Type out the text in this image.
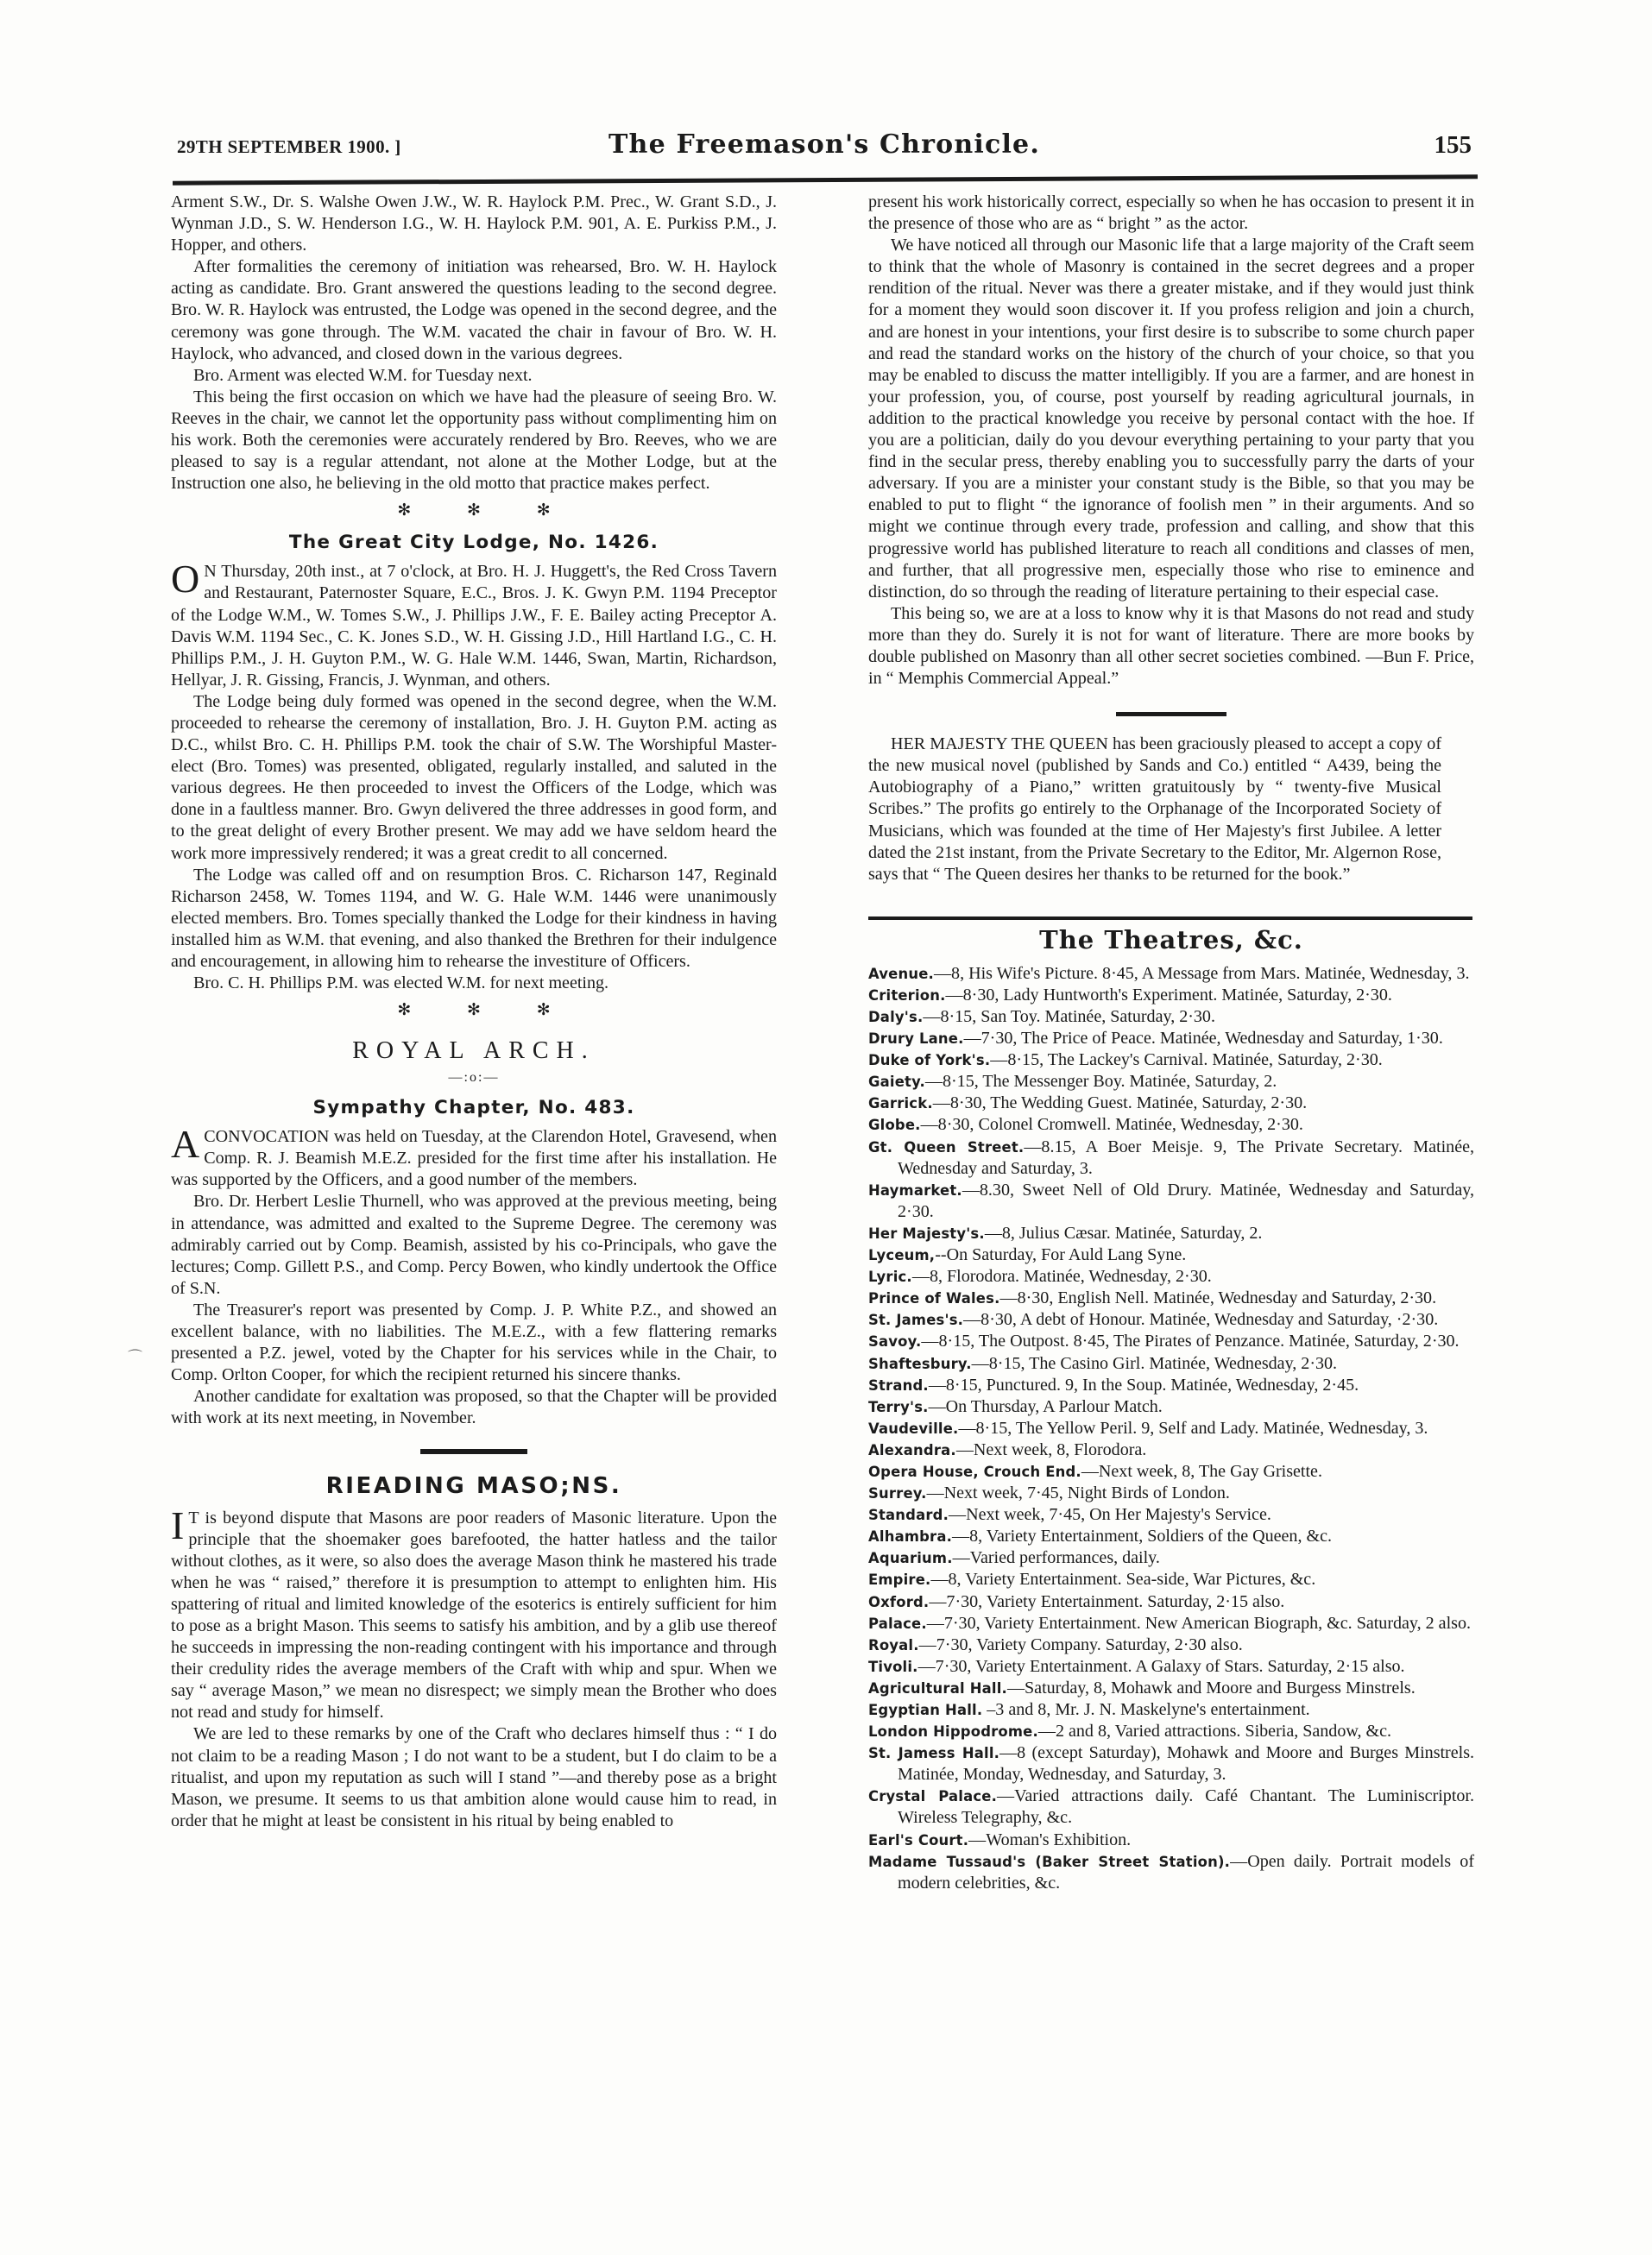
29TH SEPTEMBER 1900. ]	The Freemason's Chronicle.	155

Arment S.W., Dr. S. Walshe Owen J.W., W. R. Haylock P.M. Prec., W. Grant S.D., J. Wynman J.D., S. W. Henderson I.G., W. H. Haylock P.M. 901, A. E. Purkiss P.M., J. Hopper, and others.

After formalities the ceremony of initiation was rehearsed, Bro. W. H. Haylock acting as candidate. Bro. Grant answered the questions leading to the second degree. Bro. W. R. Haylock was entrusted, the Lodge was opened in the second degree, and the ceremony was gone through. The W.M. vacated the chair in favour of Bro. W. H. Haylock, who advanced, and closed down in the various degrees.

Bro. Arment was elected W.M. for Tuesday next.

This being the first occasion on which we have had the pleasure of seeing Bro. W. Reeves in the chair, we cannot let the opportunity pass without complimenting him on his work. Both the ceremonies were accurately rendered by Bro. Reeves, who we are pleased to say is a regular attendant, not alone at the Mother Lodge, but at the Instruction one also, he believing in the old motto that practice makes perfect.

✻ ✻ ✻
The Great City Lodge, No. 1426.
O N Thursday, 20th inst., at 7 o'clock, at Bro. H. J. Huggett's, the Red Cross Tavern and Restaurant, Paternoster Square, E.C., Bros. J. K. Gwyn P.M. 1194 Preceptor of the Lodge W.M., W. Tomes S.W., J. Phillips J.W., F. E. Bailey acting Preceptor A. Davis W.M. 1194 Sec., C. K. Jones S.D., W. H. Gissing J.D., Hill Hartland I.G., C. H. Phillips P.M., J. H. Guyton P.M., W. G. Hale W.M. 1446, Swan, Martin, Richardson, Hellyar, J. R. Gissing, Francis, J. Wynman, and others.

The Lodge being duly formed was opened in the second degree, when the W.M. proceeded to rehearse the ceremony of installation, Bro. J. H. Guyton P.M. acting as D.C., whilst Bro. C. H. Phillips P.M. took the chair of S.W. The Worshipful Master-elect (Bro. Tomes) was presented, obligated, regularly installed, and saluted in the various degrees. He then proceeded to invest the Officers of the Lodge, which was done in a faultless manner. Bro. Gwyn delivered the three addresses in good form, and to the great delight of every Brother present. We may add we have seldom heard the work more impressively rendered; it was a great credit to all concerned.

The Lodge was called off and on resumption Bros. C. Richarson 147, Reginald Richarson 2458, W. Tomes 1194, and W. G. Hale W.M. 1446 were unanimously elected members. Bro. Tomes specially thanked the Lodge for their kindness in having installed him as W.M. that evening, and also thanked the Brethren for their indulgence and encouragement, in allowing him to rehearse the investiture of Officers.

Bro. C. H. Phillips P.M. was elected W.M. for next meeting.

✻ ✻ ✻
ROYAL ARCH.
—:o:—
Sympathy Chapter, No. 483.
ACONVOCATION was held on Tuesday, at the Clarendon Hotel, Gravesend, when Comp. R. J. Beamish M.E.Z. presided for the first time after his installation. He was supported by the Officers, and a good number of the members.

Bro. Dr. Herbert Leslie Thurnell, who was approved at the previous meeting, being in attendance, was admitted and exalted to the Supreme Degree. The ceremony was admirably carried out by Comp. Beamish, assisted by his co-Principals, who gave the lectures; Comp. Gillett P.S., and Comp. Percy Bowen, who kindly undertook the Office of S.N.

The Treasurer's report was presented by Comp. J. P. White P.Z., and showed an excellent balance, with no liabilities. The M.E.Z., with a few flattering remarks presented a P.Z. jewel, voted by the Chapter for his services while in the Chair, to Comp. Orlton Cooper, for which the recipient returned his sincere thanks.

Another candidate for exaltation was proposed, so that the Chapter will be provided with work at its next meeting, in November.

RIEADING MASO;NS.
I T is beyond dispute that Masons are poor readers of Masonic literature. Upon the principle that the shoemaker goes barefooted, the hatter hatless and the tailor without clothes, as it were, so also does the average Mason think he mastered his trade when he was “ raised,” therefore it is presumption to attempt to enlighten him. His spattering of ritual and limited knowledge of the esoterics is entirely sufficient for him to pose as a bright Mason. This seems to satisfy his ambition, and by a glib use thereof he succeeds in impressing the non-reading contingent with his importance and through their credulity rides the average members of the Craft with whip and spur. When we say “ average Mason,” we mean no disrespect; we simply mean the Brother who does not read and study for himself.

We are led to these remarks by one of the Craft who declares himself thus : “ I do not claim to be a reading Mason ; I do not want to be a student, but I do claim to be a ritualist, and upon my reputation as such will I stand ”—and thereby pose as a bright Mason, we presume. It seems to us that ambition alone would cause him to read, in order that he might at least be consistent in his ritual by being enabled to

⌒

present his work historically correct, especially so when he has occasion to present it in the presence of those who are as “ bright ” as the actor.

We have noticed all through our Masonic life that a large majority of the Craft seem to think that the whole of Masonry is contained in the secret degrees and a proper rendition of the ritual. Never was there a greater mistake, and if they would just think for a moment they would soon discover it. If you profess religion and join a church, and are honest in your intentions, your first desire is to subscribe to some church paper and read the standard works on the history of the church of your choice, so that you may be enabled to discuss the matter intelligibly. If you are a farmer, and are honest in your profession, you, of course, post yourself by reading agricultural journals, in addition to the practical knowledge you receive by personal contact with the hoe. If you are a politician, daily do you devour everything pertaining to your party that you find in the secular press, thereby enabling you to successfully parry the darts of your adversary. If you are a minister your constant study is the Bible, so that you may be enabled to put to flight “ the ignorance of foolish men ” in their arguments. And so might we continue through every trade, profession and calling, and show that this progressive world has published literature to reach all conditions and classes of men, and further, that all progressive men, especially those who rise to eminence and distinction, do so through the reading of literature pertaining to their especial case.

This being so, we are at a loss to know why it is that Masons do not read and study more than they do. Surely it is not for want of literature. There are more books by double published on Masonry than all other secret societies combined. —Bun F. Price, in “ Memphis Commercial Appeal.”

HER MAJESTY THE QUEEN has been graciously pleased to accept a copy of the new musical novel (published by Sands and Co.) entitled “ A439, being the Autobiography of a Piano,” written gratuitously by “ twenty-five Musical Scribes.” The profits go entirely to the Orphanage of the Incorporated Society of Musicians, which was founded at the time of Her Majesty's first Jubilee. A letter dated the 21st instant, from the Private Secretary to the Editor, Mr. Algernon Rose, says that “ The Queen desires her thanks to be returned for the book.”

The Theatres, &c.

Avenue.—8, His Wife's Picture. 8·45, A Message from Mars. Matinée, Wednesday, 3.

Criterion.—8·30, Lady Huntworth's Experiment. Matinée, Saturday, 2·30.

Daly's.—8·15, San Toy. Matinée, Saturday, 2·30.

Drury Lane.—7·30, The Price of Peace. Matinée, Wednesday and Saturday, 1·30.

Duke of York's.—8·15, The Lackey's Carnival. Matinée, Saturday, 2·30.

Gaiety.—8·15, The Messenger Boy. Matinée, Saturday, 2.

Garrick.—8·30, The Wedding Guest. Matinée, Saturday, 2·30.

Globe.—8·30, Colonel Cromwell. Matinée, Wednesday, 2·30.

Gt. Queen Street.—8.15, A Boer Meisje. 9, The Private Secretary. Matinée, Wednesday and Saturday, 3.

Haymarket.—8.30, Sweet Nell of Old Drury. Matinée, Wednesday and Saturday, 2·30.

Her Majesty's.—8, Julius Cæsar. Matinée, Saturday, 2.

Lyceum,--On Saturday, For Auld Lang Syne.

Lyric.—8, Florodora. Matinée, Wednesday, 2·30.

Prince of Wales.—8·30, English Nell. Matinée, Wednesday and Saturday, 2·30.

St. James's.—8·30, A debt of Honour. Matinée, Wednesday and Saturday, ·2·30.

Savoy.—8·15, The Outpost. 8·45, The Pirates of Penzance. Matinée, Saturday, 2·30.

Shaftesbury.—8·15, The Casino Girl. Matinée, Wednesday, 2·30.

Strand.—8·15, Punctured. 9, In the Soup. Matinée, Wednesday, 2·45.

Terry's.—On Thursday, A Parlour Match.

Vaudeville.—8·15, The Yellow Peril. 9, Self and Lady. Matinée, Wednesday, 3.

Alexandra.—Next week, 8, Florodora.

Opera House, Crouch End.—Next week, 8, The Gay Grisette.

Surrey.—Next week, 7·45, Night Birds of London.

Standard.—Next week, 7·45, On Her Majesty's Service.

Alhambra.—8, Variety Entertainment, Soldiers of the Queen, &c.

Aquarium.—Varied performances, daily.

Empire.—8, Variety Entertainment. Sea-side, War Pictures, &c.

Oxford.—7·30, Variety Entertainment. Saturday, 2·15 also.

Palace.—7·30, Variety Entertainment. New American Biograph, &c. Saturday, 2 also.

Royal.—7·30, Variety Company. Saturday, 2·30 also.

Tivoli.—7·30, Variety Entertainment. A Galaxy of Stars. Saturday, 2·15 also.

Agricultural Hall.—Saturday, 8, Mohawk and Moore and Burgess Minstrels.

Egyptian Hall. –3 and 8, Mr. J. N. Maskelyne's entertainment.

London Hippodrome.—2 and 8, Varied attractions. Siberia, Sandow, &c.

St. Jamess Hall.—8 (except Saturday), Mohawk and Moore and Burges Minstrels. Matinée, Monday, Wednesday, and Saturday, 3.

Crystal Palace.—Varied attractions daily. Café Chantant. The Luminiscriptor. Wireless Telegraphy, &c.

Earl's Court.—Woman's Exhibition.

Madame Tussaud's (Baker Street Station).—Open daily. Portrait models of modern celebrities, &c.
